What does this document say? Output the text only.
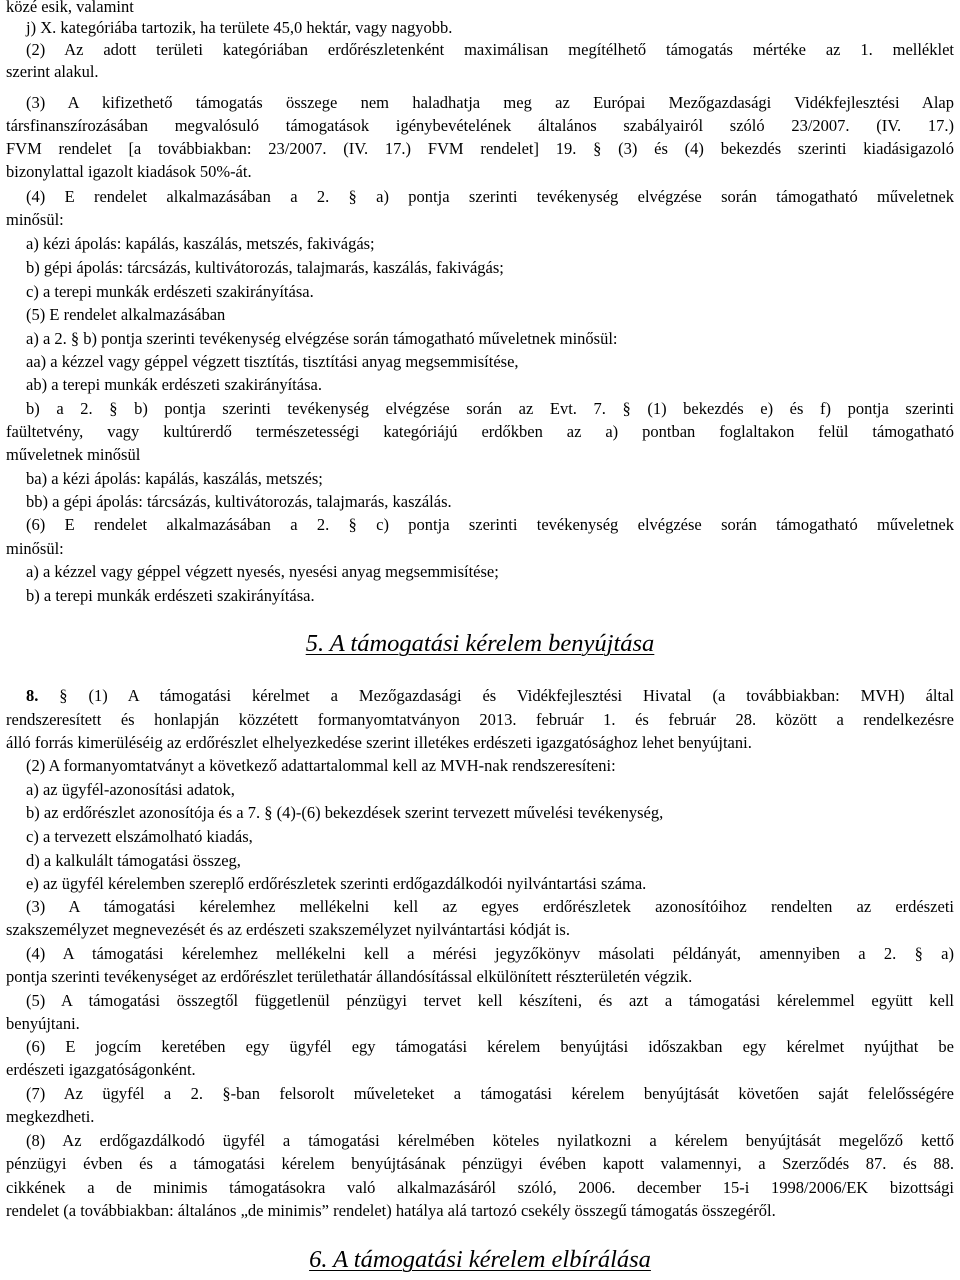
közé esik, valamint
j) X. kategóriába tartozik, ha területe 45,0 hektár, vagy nagyobb.
(2) Az adott területi kategóriában erdőrészletenként maximálisan megítélhető támogatás mértéke az 1. melléklet
szerint alakul.
(3) A kifizethető támogatás összege nem haladhatja meg az Európai Mezőgazdasági Vidékfejlesztési Alap
társfinanszírozásában megvalósuló támogatások igénybevételének általános szabályairól szóló 23/2007. (IV. 17.)
FVM rendelet [a továbbiakban: 23/2007. (IV. 17.) FVM rendelet] 19. § (3) és (4) bekezdés szerinti kiadásigazoló
bizonylattal igazolt kiadások 50%-át.
(4) E rendelet alkalmazásában a 2. § a) pontja szerinti tevékenység elvégzése során támogatható műveletnek
minősül:
a) kézi ápolás: kapálás, kaszálás, metszés, fakivágás;
b) gépi ápolás: tárcsázás, kultivátorozás, talajmarás, kaszálás, fakivágás;
c) a terepi munkák erdészeti szakirányítása.
(5) E rendelet alkalmazásában
a) a 2. § b) pontja szerinti tevékenység elvégzése során támogatható műveletnek minősül:
aa) a kézzel vagy géppel végzett tisztítás, tisztítási anyag megsemmisítése,
ab) a terepi munkák erdészeti szakirányítása.
b) a 2. § b) pontja szerinti tevékenység elvégzése során az Evt. 7. § (1) bekezdés e) és f) pontja szerinti
faültetvény, vagy kultúrerdő természetességi kategóriájú erdőkben az a) pontban foglaltakon felül támogatható
műveletnek minősül
ba) a kézi ápolás: kapálás, kaszálás, metszés;
bb) a gépi ápolás: tárcsázás, kultivátorozás, talajmarás, kaszálás.
(6) E rendelet alkalmazásában a 2. § c) pontja szerinti tevékenység elvégzése során támogatható műveletnek
minősül:
a) a kézzel vagy géppel végzett nyesés, nyesési anyag megsemmisítése;
b) a terepi munkák erdészeti szakirányítása.
5. A támogatási kérelem benyújtása
8. § (1) A támogatási kérelmet a Mezőgazdasági és Vidékfejlesztési Hivatal (a továbbiakban: MVH) által
rendszeresített és honlapján közzétett formanyomtatványon 2013. február 1. és február 28. között a rendelkezésre
álló forrás kimerüléséig az erdőrészlet elhelyezkedése szerint illetékes erdészeti igazgatósághoz lehet benyújtani.
(2) A formanyomtatványt a következő adattartalommal kell az MVH-nak rendszeresíteni:
a) az ügyfél-azonosítási adatok,
b) az erdőrészlet azonosítója és a 7. § (4)-(6) bekezdések szerint tervezett művelési tevékenység,
c) a tervezett elszámolható kiadás,
d) a kalkulált támogatási összeg,
e) az ügyfél kérelemben szereplő erdőrészletek szerinti erdőgazdálkodói nyilvántartási száma.
(3) A támogatási kérelemhez mellékelni kell az egyes erdőrészletek azonosítóihoz rendelten az erdészeti
szakszemélyzet megnevezését és az erdészeti szakszemélyzet nyilvántartási kódját is.
(4) A támogatási kérelemhez mellékelni kell a mérési jegyzőkönyv másolati példányát, amennyiben a 2. § a)
pontja szerinti tevékenységet az erdőrészlet területhatár állandósítással elkülönített részterületén végzik.
(5) A támogatási összegtől függetlenül pénzügyi tervet kell készíteni, és azt a támogatási kérelemmel együtt kell
benyújtani.
(6) E jogcím keretében egy ügyfél egy támogatási kérelem benyújtási időszakban egy kérelmet nyújthat be
erdészeti igazgatóságonként.
(7) Az ügyfél a 2. §-ban felsorolt műveleteket a támogatási kérelem benyújtását követően saját felelősségére
megkezdheti.
(8) Az erdőgazdálkodó ügyfél a támogatási kérelmében köteles nyilatkozni a kérelem benyújtását megelőző kettő
pénzügyi évben és a támogatási kérelem benyújtásának pénzügyi évében kapott valamennyi, a Szerződés 87. és 88.
cikkének a de minimis támogatásokra való alkalmazásáról szóló, 2006. december 15-i 1998/2006/EK bizottsági
rendelet (a továbbiakban: általános „de minimis” rendelet) hatálya alá tartozó csekély összegű támogatás összegéről.
6. A támogatási kérelem elbírálása
